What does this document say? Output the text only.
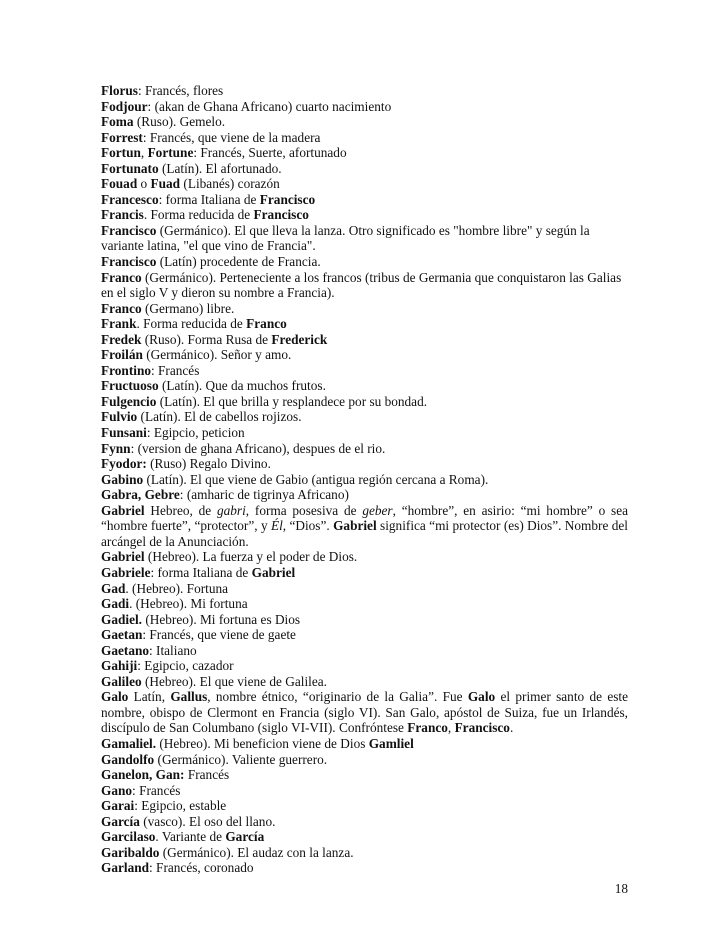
Florus: Francés, flores

Fodjour: (akan de Ghana Africano) cuarto nacimiento

Foma (Ruso). Gemelo.

Forrest: Francés, que viene de la madera

Fortun, Fortune: Francés, Suerte, afortunado

Fortunato (Latín). El afortunado.

Fouad o Fuad (Libanés) corazón

Francesco: forma Italiana de Francisco

Francis. Forma reducida de Francisco

Francisco (Germánico). El que lleva la lanza. Otro significado es "hombre libre" y según la variante latina, "el que vino de Francia".

Francisco (Latín) procedente de Francia.

Franco (Germánico). Perteneciente a los francos (tribus de Germania que conquistaron las Galias en el siglo V y dieron su nombre a Francia).

Franco (Germano) libre.

Frank. Forma reducida de Franco

Fredek (Ruso). Forma Rusa de Frederick

Froilán (Germánico). Señor y amo.

Frontino: Francés

Fructuoso (Latín). Que da muchos frutos.

Fulgencio (Latín). El que brilla y resplandece por su bondad.

Fulvio (Latín). El de cabellos rojizos.

Funsani: Egipcio, peticion

Fynn: (version de ghana Africano), despues de el rio.

Fyodor: (Ruso) Regalo Divino.

Gabino (Latín). El que viene de Gabio (antigua región cercana a Roma).

Gabra, Gebre: (amharic de tigrinya Africano)

Gabriel Hebreo, de gabri, forma posesiva de geber, “hombre”, en asirio: “mi hombre” o sea “hombre fuerte”, “protector”, y Él, “Dios”. Gabriel significa “mi protector (es) Dios”. Nombre del arcángel de la Anunciación.

Gabriel (Hebreo). La fuerza y el poder de Dios.

Gabriele: forma Italiana de Gabriel

Gad. (Hebreo). Fortuna

Gadi. (Hebreo). Mi fortuna

Gadiel. (Hebreo). Mi fortuna es Dios

Gaetan: Francés, que viene de gaete

Gaetano: Italiano

Gahiji: Egipcio, cazador

Galileo (Hebreo). El que viene de Galilea.

Galo Latín, Gallus, nombre étnico, “originario de la Galia”. Fue Galo el primer santo de este nombre, obispo de Clermont en Francia (siglo VI). San Galo, apóstol de Suiza, fue un Irlandés, discípulo de San Columbano (siglo VI-VII). Confróntese Franco, Francisco.

Gamaliel. (Hebreo). Mi beneficion viene de Dios Gamliel

Gandolfo (Germánico). Valiente guerrero.

Ganelon, Gan: Francés

Gano: Francés

Garai: Egipcio, estable

García (vasco). El oso del llano.

Garcilaso. Variante de García

Garibaldo (Germánico). El audaz con la lanza.

Garland: Francés, coronado

18
